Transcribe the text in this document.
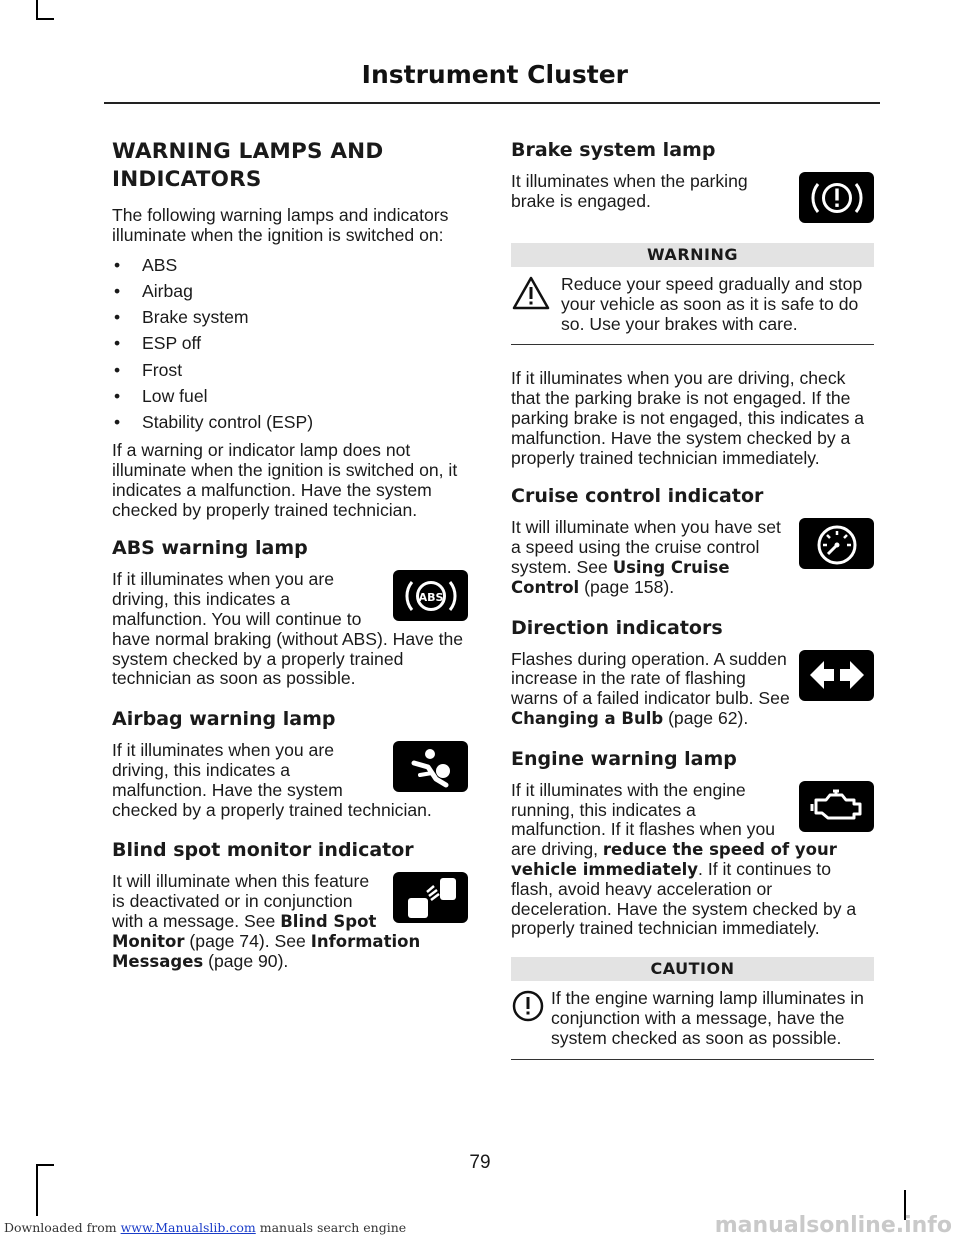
Instrument Cluster
WARNING LAMPS AND
INDICATORS

The following warning lamps and indicators illuminate when the ignition is switched on:

• ABS
• Airbag
• Brake system
• ESP off
• Frost
• Low fuel
• Stability control (ESP)

If a warning or indicator lamp does not illuminate when the ignition is switched on, it indicates a malfunction. Have the system checked by properly trained technician.

ABS warning lamp
ABS

If it illuminates when you are driving, this indicates a malfunction. You will continue to have normal braking (without ABS). Have the system checked by a properly trained technician as soon as possible.

Airbag warning lamp

If it illuminates when you are driving, this indicates a malfunction. Have the system checked by a properly trained technician.

Blind spot monitor indicator

It will illuminate when this feature is deactivated or in conjunction with a message. See Blind Spot Monitor (page 74). See Information Messages (page 90).

Brake system lamp

It illuminates when the parking brake is engaged.

WARNING

Reduce your speed gradually and stop your vehicle as soon as it is safe to do so. Use your brakes with care.

If it illuminates when you are driving, check that the parking brake is not engaged. If the parking brake is not engaged, this indicates a malfunction. Have the system checked by a properly trained technician immediately.

Cruise control indicator

It will illuminate when you have set a speed using the cruise control system. See Using Cruise Control (page 158).

Direction indicators

Flashes during operation. A sudden increase in the rate of flashing warns of a failed indicator bulb. See Changing a Bulb (page 62).

Engine warning lamp

If it illuminates with the engine running, this indicates a malfunction. If it flashes when you are driving, reduce the speed of your vehicle immediately. If it continues to flash, avoid heavy acceleration or deceleration. Have the system checked by a properly trained technician immediately.

CAUTION

If the engine warning lamp illuminates in conjunction with a message, have the system checked as soon as possible.

79
Downloaded from www.Manualslib.com manuals search engine	manualsonline.info
